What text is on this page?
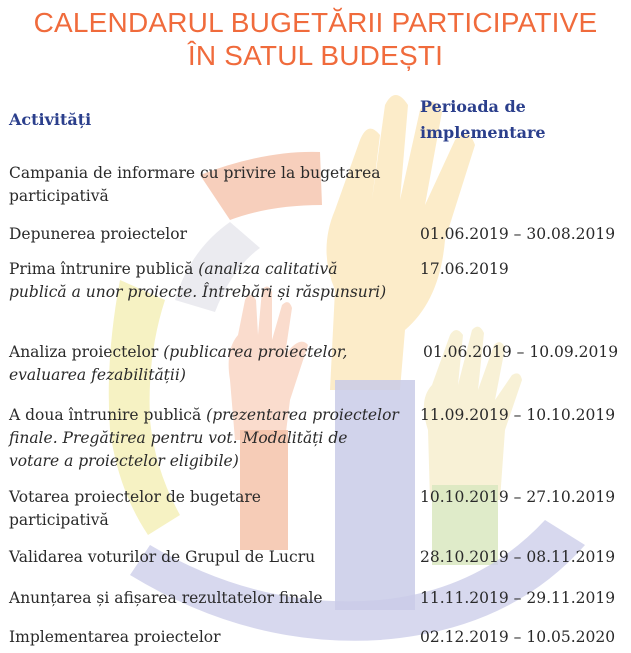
CALENDARUL BUGETĂRII PARTICIPATIVE
ÎN SATUL BUDEȘTI
Activități
Perioada de implementare
Campania de informare cu privire la bugetarea participativă
Depunerea proiectelor	01.06.2019 – 30.08.2019
Prima întrunire publică (analiza calitativă publică a unor proiecte. Întrebări și răspunsuri)
17.06.2019
Analiza proiectelor (publicarea proiectelor, evaluarea fezabilității)
01.06.2019 – 10.09.2019
A doua întrunire publică (prezentarea proiectelor finale. Pregătirea pentru vot. Modalități de votare a proiectelor eligibile)
11.09.2019 – 10.10.2019
Votarea proiectelor de bugetare participativă
10.10.2019 – 27.10.2019
Validarea voturilor de Grupul de Lucru	28.10.2019 – 08.11.2019
Anunțarea și afișarea rezultatelor finale	11.11.2019 – 29.11.2019
Implementarea proiectelor	02.12.2019 – 10.05.2020
